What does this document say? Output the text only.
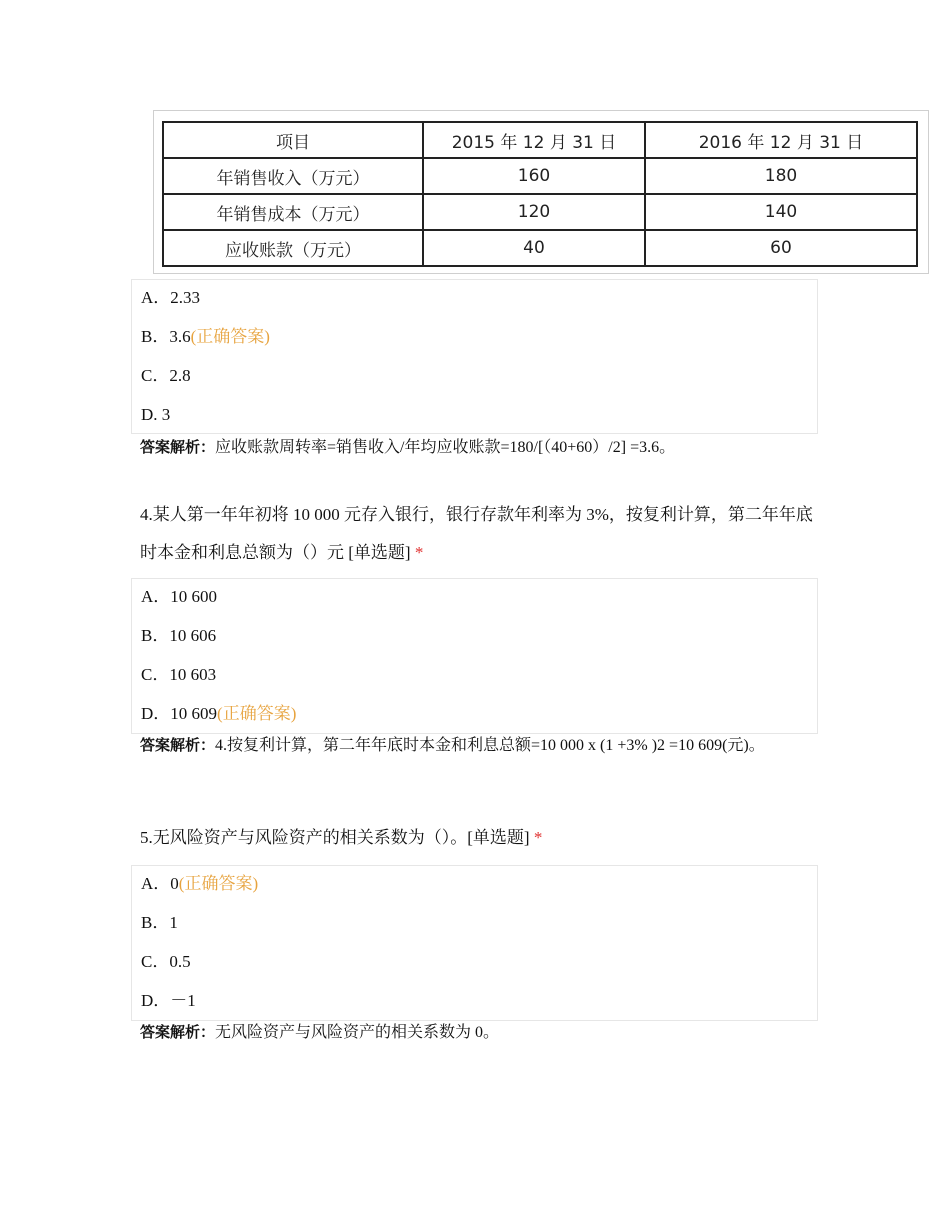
项目	2015 年 12 月 31 日	2016 年 12 月 31 日
年销售收入（万元）	160	180
年销售成本（万元）	120	140
应收账款（万元）	40	60
A．2.33
B．3.6(正确答案)
C．2.8
D. 3
答案解析：应收账款周转率=销售收入/年均应收账款=180/[（40+60）/2] =3.6。
4.某人第一年年初将 10 000 元存入银行，银行存款年利率为 3%，按复利计算，第二年年底时本金和利息总额为（）元 [单选题] *
A．10 600
B．10 606
C．10 603
D．10 609(正确答案)
答案解析：4.按复利计算，第二年年底时本金和利息总额=10 000 x (1 +3% )2 =10 609(元)。
5.无风险资产与风险资产的相关系数为（）。[单选题] *
A．0(正确答案)
B．1
C．0.5
D．－1
答案解析：无风险资产与风险资产的相关系数为 0。
